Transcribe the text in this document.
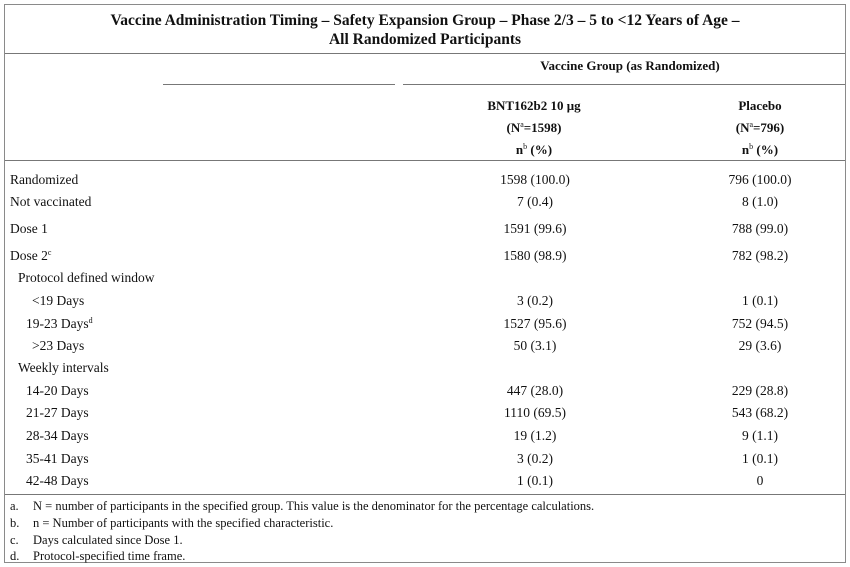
Vaccine Administration Timing – Safety Expansion Group – Phase 2/3 – 5 to <12 Years of Age –
All Randomized Participants
Vaccine Group (as Randomized)
BNT162b2 10 μg
$(N^a=1598)$
$n^b$ (%)
Placebo
$(N^a=796)$
$n^b$ (%)
Randomized	1598 (100.0)	796 (100.0)
Not vaccinated	7 (0.4)	8 (1.0)
Dose 1	1591 (99.6)	788 (99.0)
Dose 2$^c$	1580 (98.9)	782 (98.2)
Protocol defined window
<19 Days	3 (0.2)	1 (0.1)
19-23 Days$^d$	1527 (95.6)	752 (94.5)
>23 Days	50 (3.1)	29 (3.6)
Weekly intervals
14-20 Days	447 (28.0)	229 (28.8)
21-27 Days	1110 (69.5)	543 (68.2)
28-34 Days	19 (1.2)	9 (1.1)
35-41 Days	3 (0.2)	1 (0.1)
42-48 Days	1 (0.1)	0
a. N = number of participants in the specified group. This value is the denominator for the percentage calculations.
b. n = Number of participants with the specified characteristic.
c. Days calculated since Dose 1.
d. Protocol-specified time frame.
